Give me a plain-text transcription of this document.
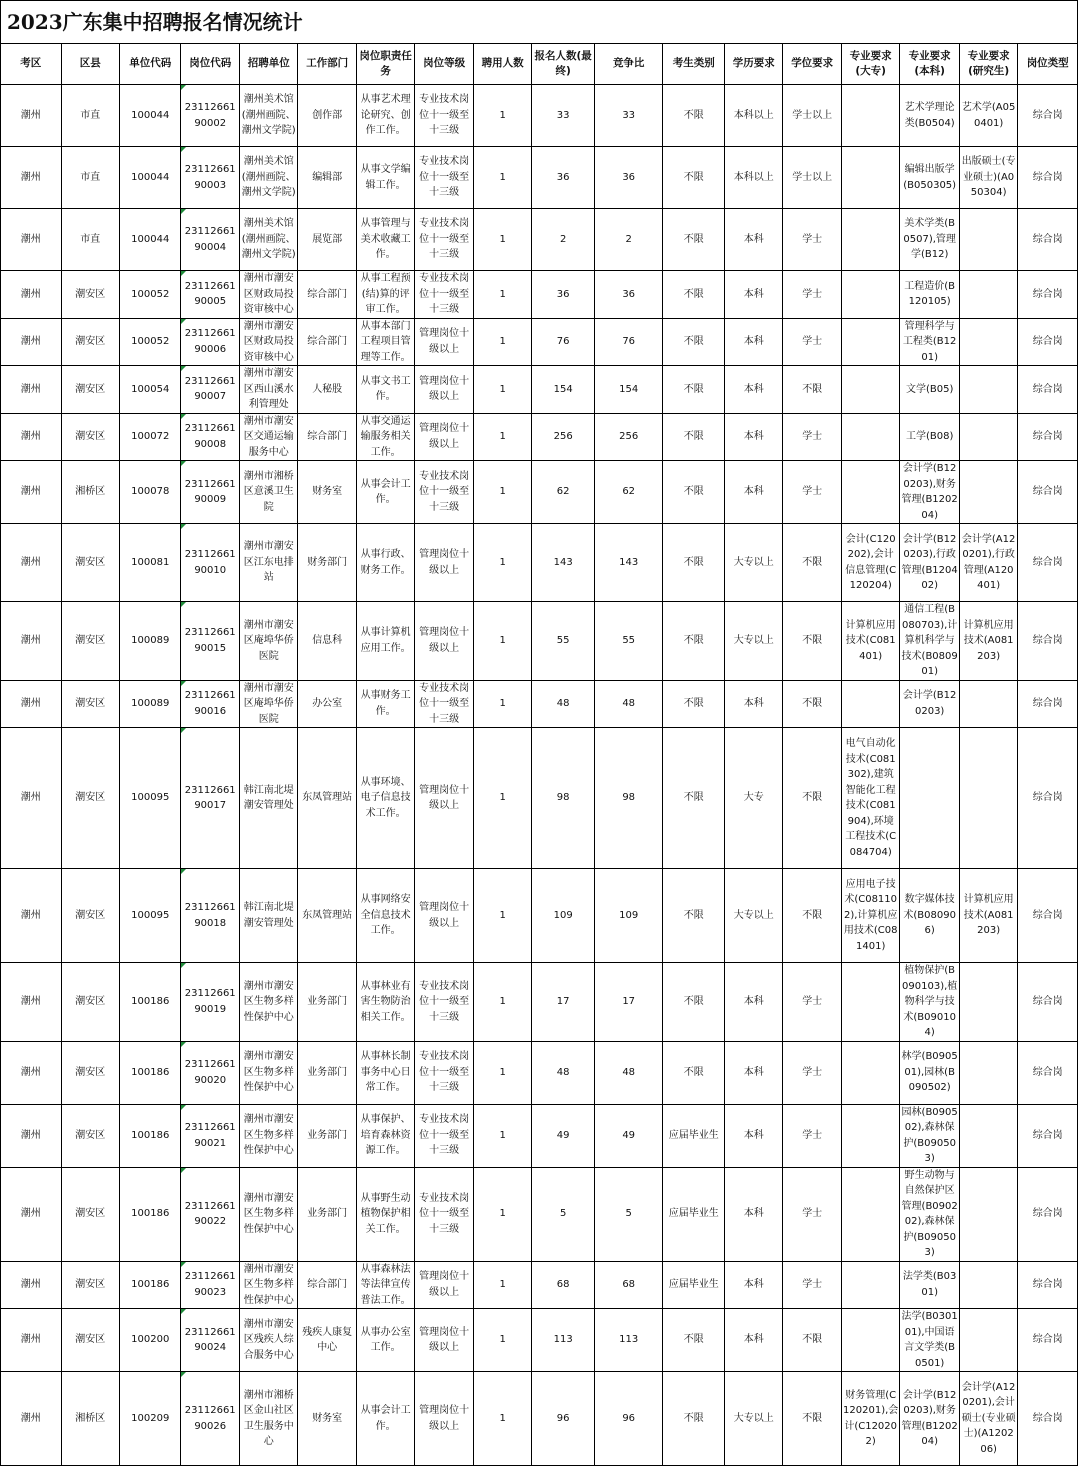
2023广东集中招聘报名情况统计
考区	区县	单位代码	岗位代码	招聘单位	工作部门	岗位职责任务	岗位等级	聘用人数	报名人数(最终)	竞争比	考生类别	学历要求	学位要求	专业要求(大专)	专业要求(本科)	专业要求(研究生)	岗位类型
潮州	市直	100044	2311266190002	潮州美术馆(潮州画院、潮州文学院)	创作部	从事艺术理论研究、创作工作。	专业技术岗位十一级至十三级	1	33	33	不限	本科以上	学士以上		艺术学理论类(B0504)	艺术学(A050401)	综合岗
潮州	市直	100044	2311266190003	潮州美术馆(潮州画院、潮州文学院)	编辑部	从事文学编辑工作。	专业技术岗位十一级至十三级	1	36	36	不限	本科以上	学士以上		编辑出版学(B050305)	出版硕士(专业硕士)(A050304)	综合岗
潮州	市直	100044	2311266190004	潮州美术馆(潮州画院、潮州文学院)	展览部	从事管理与美术收藏工作。	专业技术岗位十一级至十三级	1	2	2	不限	本科	学士		美术学类(B0507),管理学(B12)		综合岗
潮州	潮安区	100052	2311266190005	潮州市潮安区财政局投资审核中心	综合部门	从事工程预(结)算的评审工作。	专业技术岗位十一级至十三级	1	36	36	不限	本科	学士		工程造价(B120105)		综合岗
潮州	潮安区	100052	2311266190006	潮州市潮安区财政局投资审核中心	综合部门	从事本部门工程项目管理等工作。	管理岗位十级以上	1	76	76	不限	本科	学士		管理科学与工程类(B1201)		综合岗
潮州	潮安区	100054	2311266190007	潮州市潮安区西山溪水利管理处	人秘股	从事文书工作。	管理岗位十级以上	1	154	154	不限	本科	不限		文学(B05)		综合岗
潮州	潮安区	100072	2311266190008	潮州市潮安区交通运输服务中心	综合部门	从事交通运输服务相关工作。	管理岗位十级以上	1	256	256	不限	本科	学士		工学(B08)		综合岗
潮州	湘桥区	100078	2311266190009	潮州市湘桥区意溪卫生院	财务室	从事会计工作。	专业技术岗位十一级至十三级	1	62	62	不限	本科	学士		会计学(B120203),财务管理(B120204)		综合岗
潮州	潮安区	100081	2311266190010	潮州市潮安区江东电排站	财务部门	从事行政、财务工作。	管理岗位十级以上	1	143	143	不限	大专以上	不限	会计(C120202),会计信息管理(C120204)	会计学(B120203),行政管理(B120402)	会计学(A120201),行政管理(A120401)	综合岗
潮州	潮安区	100089	2311266190015	潮州市潮安区庵埠华侨医院	信息科	从事计算机应用工作。	管理岗位十级以上	1	55	55	不限	大专以上	不限	计算机应用技术(C081401)	通信工程(B080703),计算机科学与技术(B080901)	计算机应用技术(A081203)	综合岗
潮州	潮安区	100089	2311266190016	潮州市潮安区庵埠华侨医院	办公室	从事财务工作。	专业技术岗位十一级至十三级	1	48	48	不限	本科	不限		会计学(B120203)		综合岗
潮州	潮安区	100095	2311266190017	韩江南北堤潮安管理处	东凤管理站	从事环境、电子信息技术工作。	管理岗位十级以上	1	98	98	不限	大专	不限	电气自动化技术(C081302),建筑智能化工程技术(C081904),环境工程技术(C084704)			综合岗
潮州	潮安区	100095	2311266190018	韩江南北堤潮安管理处	东凤管理站	从事网络安全信息技术工作。	管理岗位十级以上	1	109	109	不限	大专以上	不限	应用电子技术(C081102),计算机应用技术(C081401)	数字媒体技术(B080906)	计算机应用技术(A081203)	综合岗
潮州	潮安区	100186	2311266190019	潮州市潮安区生物多样性保护中心	业务部门	从事林业有害生物防治相关工作。	专业技术岗位十一级至十三级	1	17	17	不限	本科	学士		植物保护(B090103),植物科学与技术(B090104)		综合岗
潮州	潮安区	100186	2311266190020	潮州市潮安区生物多样性保护中心	业务部门	从事林长制事务中心日常工作。	专业技术岗位十一级至十三级	1	48	48	不限	本科	学士		林学(B090501),园林(B090502)		综合岗
潮州	潮安区	100186	2311266190021	潮州市潮安区生物多样性保护中心	业务部门	从事保护、培育森林资源工作。	专业技术岗位十一级至十三级	1	49	49	应届毕业生	本科	学士		园林(B090502),森林保护(B090503)		综合岗
潮州	潮安区	100186	2311266190022	潮州市潮安区生物多样性保护中心	业务部门	从事野生动植物保护相关工作。	专业技术岗位十一级至十三级	1	5	5	应届毕业生	本科	学士		野生动物与自然保护区管理(B090202),森林保护(B090503)		综合岗
潮州	潮安区	100186	2311266190023	潮州市潮安区生物多样性保护中心	综合部门	从事森林法等法律宣传普法工作。	管理岗位十级以上	1	68	68	应届毕业生	本科	学士		法学类(B0301)		综合岗
潮州	潮安区	100200	2311266190024	潮州市潮安区残疾人综合服务中心	残疾人康复中心	从事办公室工作。	管理岗位十级以上	1	113	113	不限	本科	不限		法学(B030101),中国语言文学类(B0501)		综合岗
潮州	湘桥区	100209	2311266190026	潮州市湘桥区金山社区卫生服务中心	财务室	从事会计工作。	管理岗位十级以上	1	96	96	不限	大专以上	不限	财务管理(C120201),会计(C120202)	会计学(B120203),财务管理(B120204)	会计学(A120201),会计硕士(专业硕士)(A120206)	综合岗
